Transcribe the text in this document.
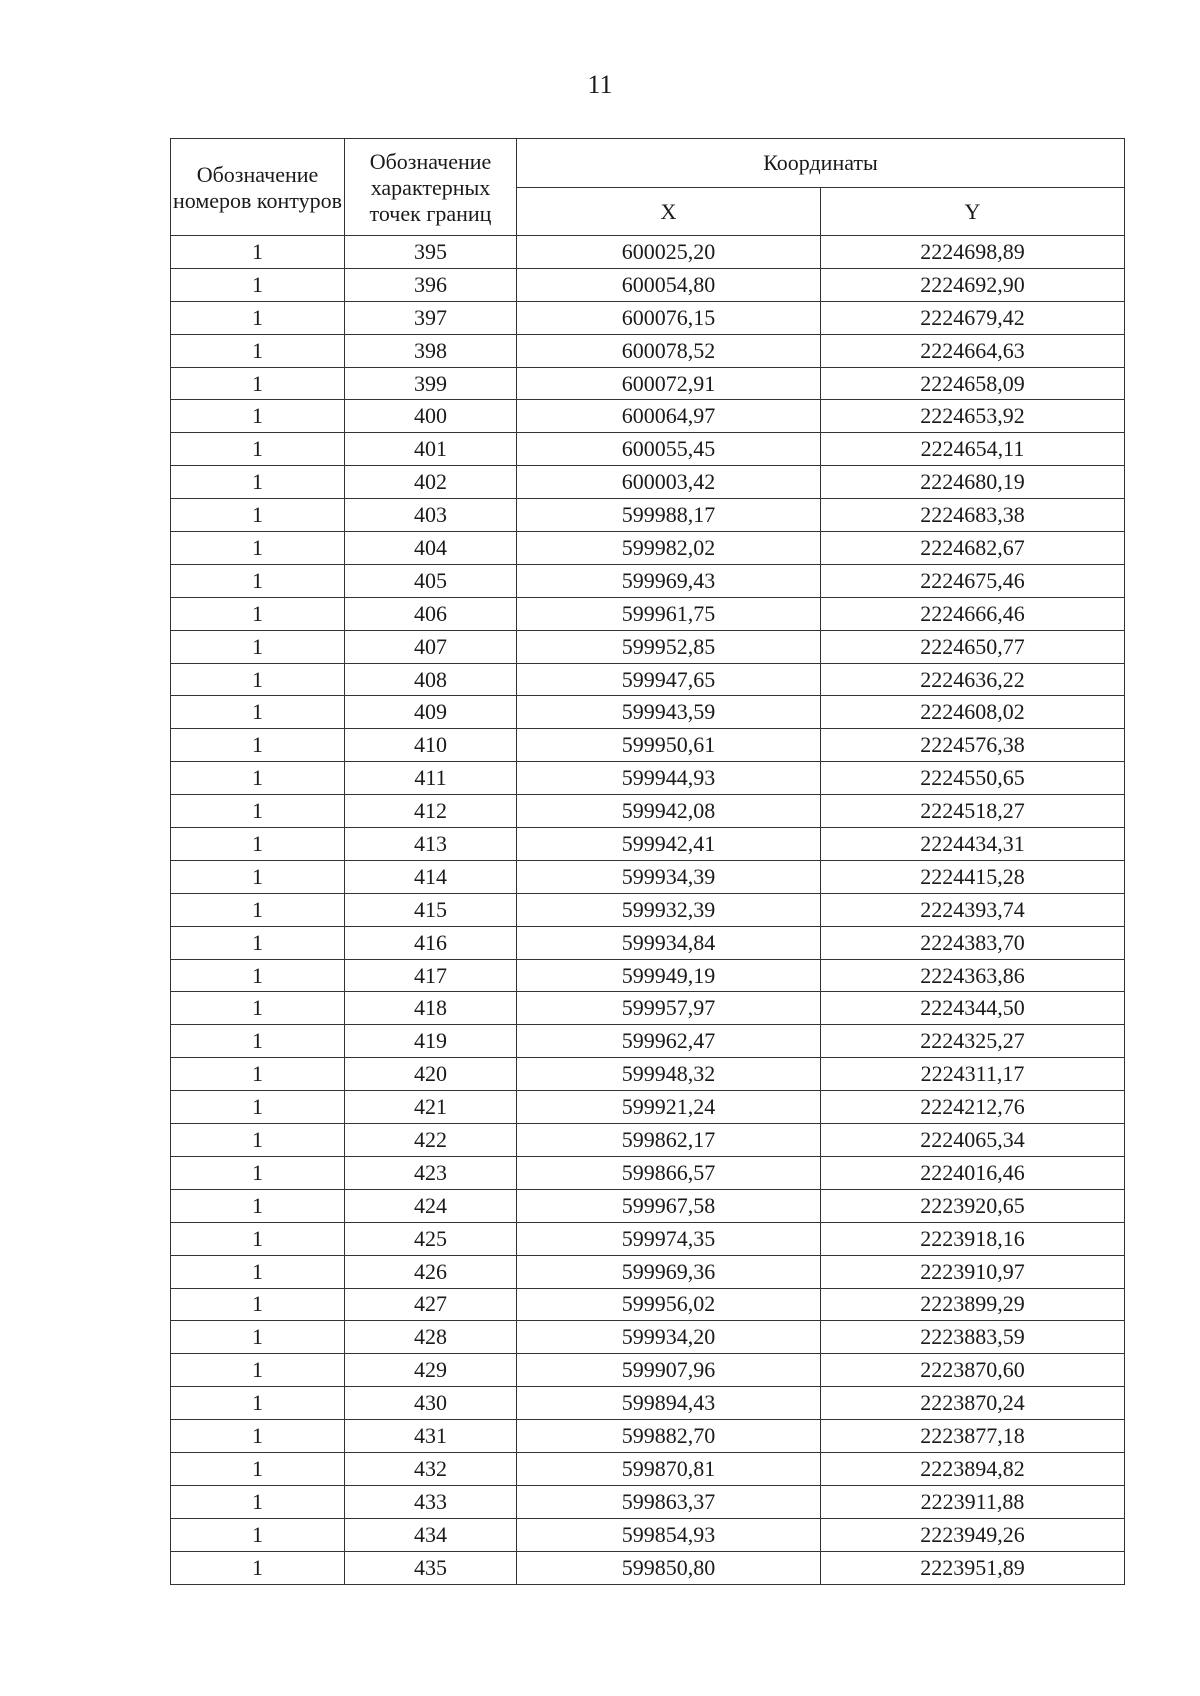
11
Обозначение номеров контуров	Обозначение характерных точек границ	Координаты	
		X	Y
1	395	600025,20	2224698,89
1	396	600054,80	2224692,90
1	397	600076,15	2224679,42
1	398	600078,52	2224664,63
1	399	600072,91	2224658,09
1	400	600064,97	2224653,92
1	401	600055,45	2224654,11
1	402	600003,42	2224680,19
1	403	599988,17	2224683,38
1	404	599982,02	2224682,67
1	405	599969,43	2224675,46
1	406	599961,75	2224666,46
1	407	599952,85	2224650,77
1	408	599947,65	2224636,22
1	409	599943,59	2224608,02
1	410	599950,61	2224576,38
1	411	599944,93	2224550,65
1	412	599942,08	2224518,27
1	413	599942,41	2224434,31
1	414	599934,39	2224415,28
1	415	599932,39	2224393,74
1	416	599934,84	2224383,70
1	417	599949,19	2224363,86
1	418	599957,97	2224344,50
1	419	599962,47	2224325,27
1	420	599948,32	2224311,17
1	421	599921,24	2224212,76
1	422	599862,17	2224065,34
1	423	599866,57	2224016,46
1	424	599967,58	2223920,65
1	425	599974,35	2223918,16
1	426	599969,36	2223910,97
1	427	599956,02	2223899,29
1	428	599934,20	2223883,59
1	429	599907,96	2223870,60
1	430	599894,43	2223870,24
1	431	599882,70	2223877,18
1	432	599870,81	2223894,82
1	433	599863,37	2223911,88
1	434	599854,93	2223949,26
1	435	599850,80	2223951,89
